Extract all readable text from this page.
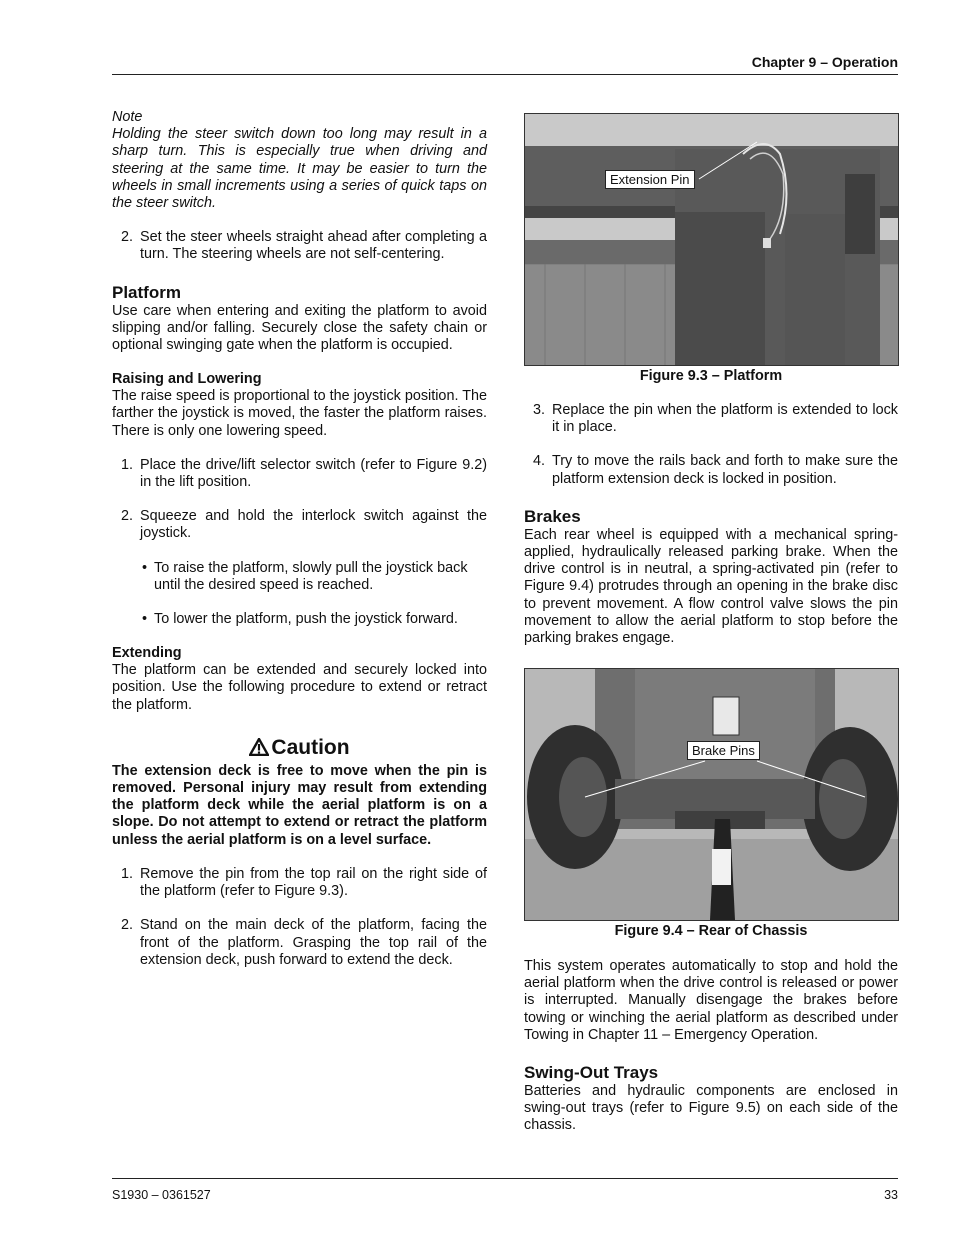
Chapter 9 – Operation

Note

Holding the steer switch down too long may result in a sharp turn. This is especially true when driving and steering at the same time. It may be easier to turn the wheels in small increments using a series of quick taps on the steer switch.

2. Set the steer wheels straight ahead after completing a turn. The steering wheels are not self-centering.
Platform

Use care when entering and exiting the platform to avoid slipping and/or falling. Securely close the safety chain or optional swinging gate when the platform is occupied.

Raising and Lowering

The raise speed is proportional to the joystick position. The farther the joystick is moved, the faster the platform raises. There is only one lowering speed.

1. Place the drive/lift selector switch (refer to Figure 9.2) in the lift position.
2. Squeeze and hold the interlock switch against the joystick.
• To raise the platform, slowly pull the joystick back until the desired speed is reached.
• To lower the platform, push the joystick forward.
Extending

The platform can be extended and securely locked into position. Use the following procedure to extend or retract the platform.

Caution

The extension deck is free to move when the pin is removed. Personal injury may result from extending the platform deck while the aerial platform is on a slope. Do not attempt to extend or retract the platform unless the aerial platform is on a level surface.

1. Remove the pin from the top rail on the right side of the platform (refer to Figure 9.3).
2. Stand on the main deck of the platform, facing the front of the platform. Grasping the top rail of the extension deck, push forward to extend the deck.
Extension Pin
Figure 9.3 – Platform
3. Replace the pin when the platform is extended to lock it in place.
4. Try to move the rails back and forth to make sure the platform extension deck is locked in position.
Brakes

Each rear wheel is equipped with a mechanical spring-applied, hydraulically released parking brake. When the drive control is in neutral, a spring-activated pin (refer to Figure 9.4) protrudes through an opening in the brake disc to prevent movement. A flow control valve slows the pin movement to allow the aerial platform to stop before the parking brakes engage.

Brake Pins
Figure 9.4 – Rear of Chassis

This system operates automatically to stop and hold the aerial platform when the drive control is released or power is interrupted. Manually disengage the brakes before towing or winching the aerial platform as described under Towing in Chapter 11 – Emergency Operation.

Swing-Out Trays

Batteries and hydraulic components are enclosed in swing-out trays (refer to Figure 9.5) on each side of the chassis.

S1930 – 0361527	33
